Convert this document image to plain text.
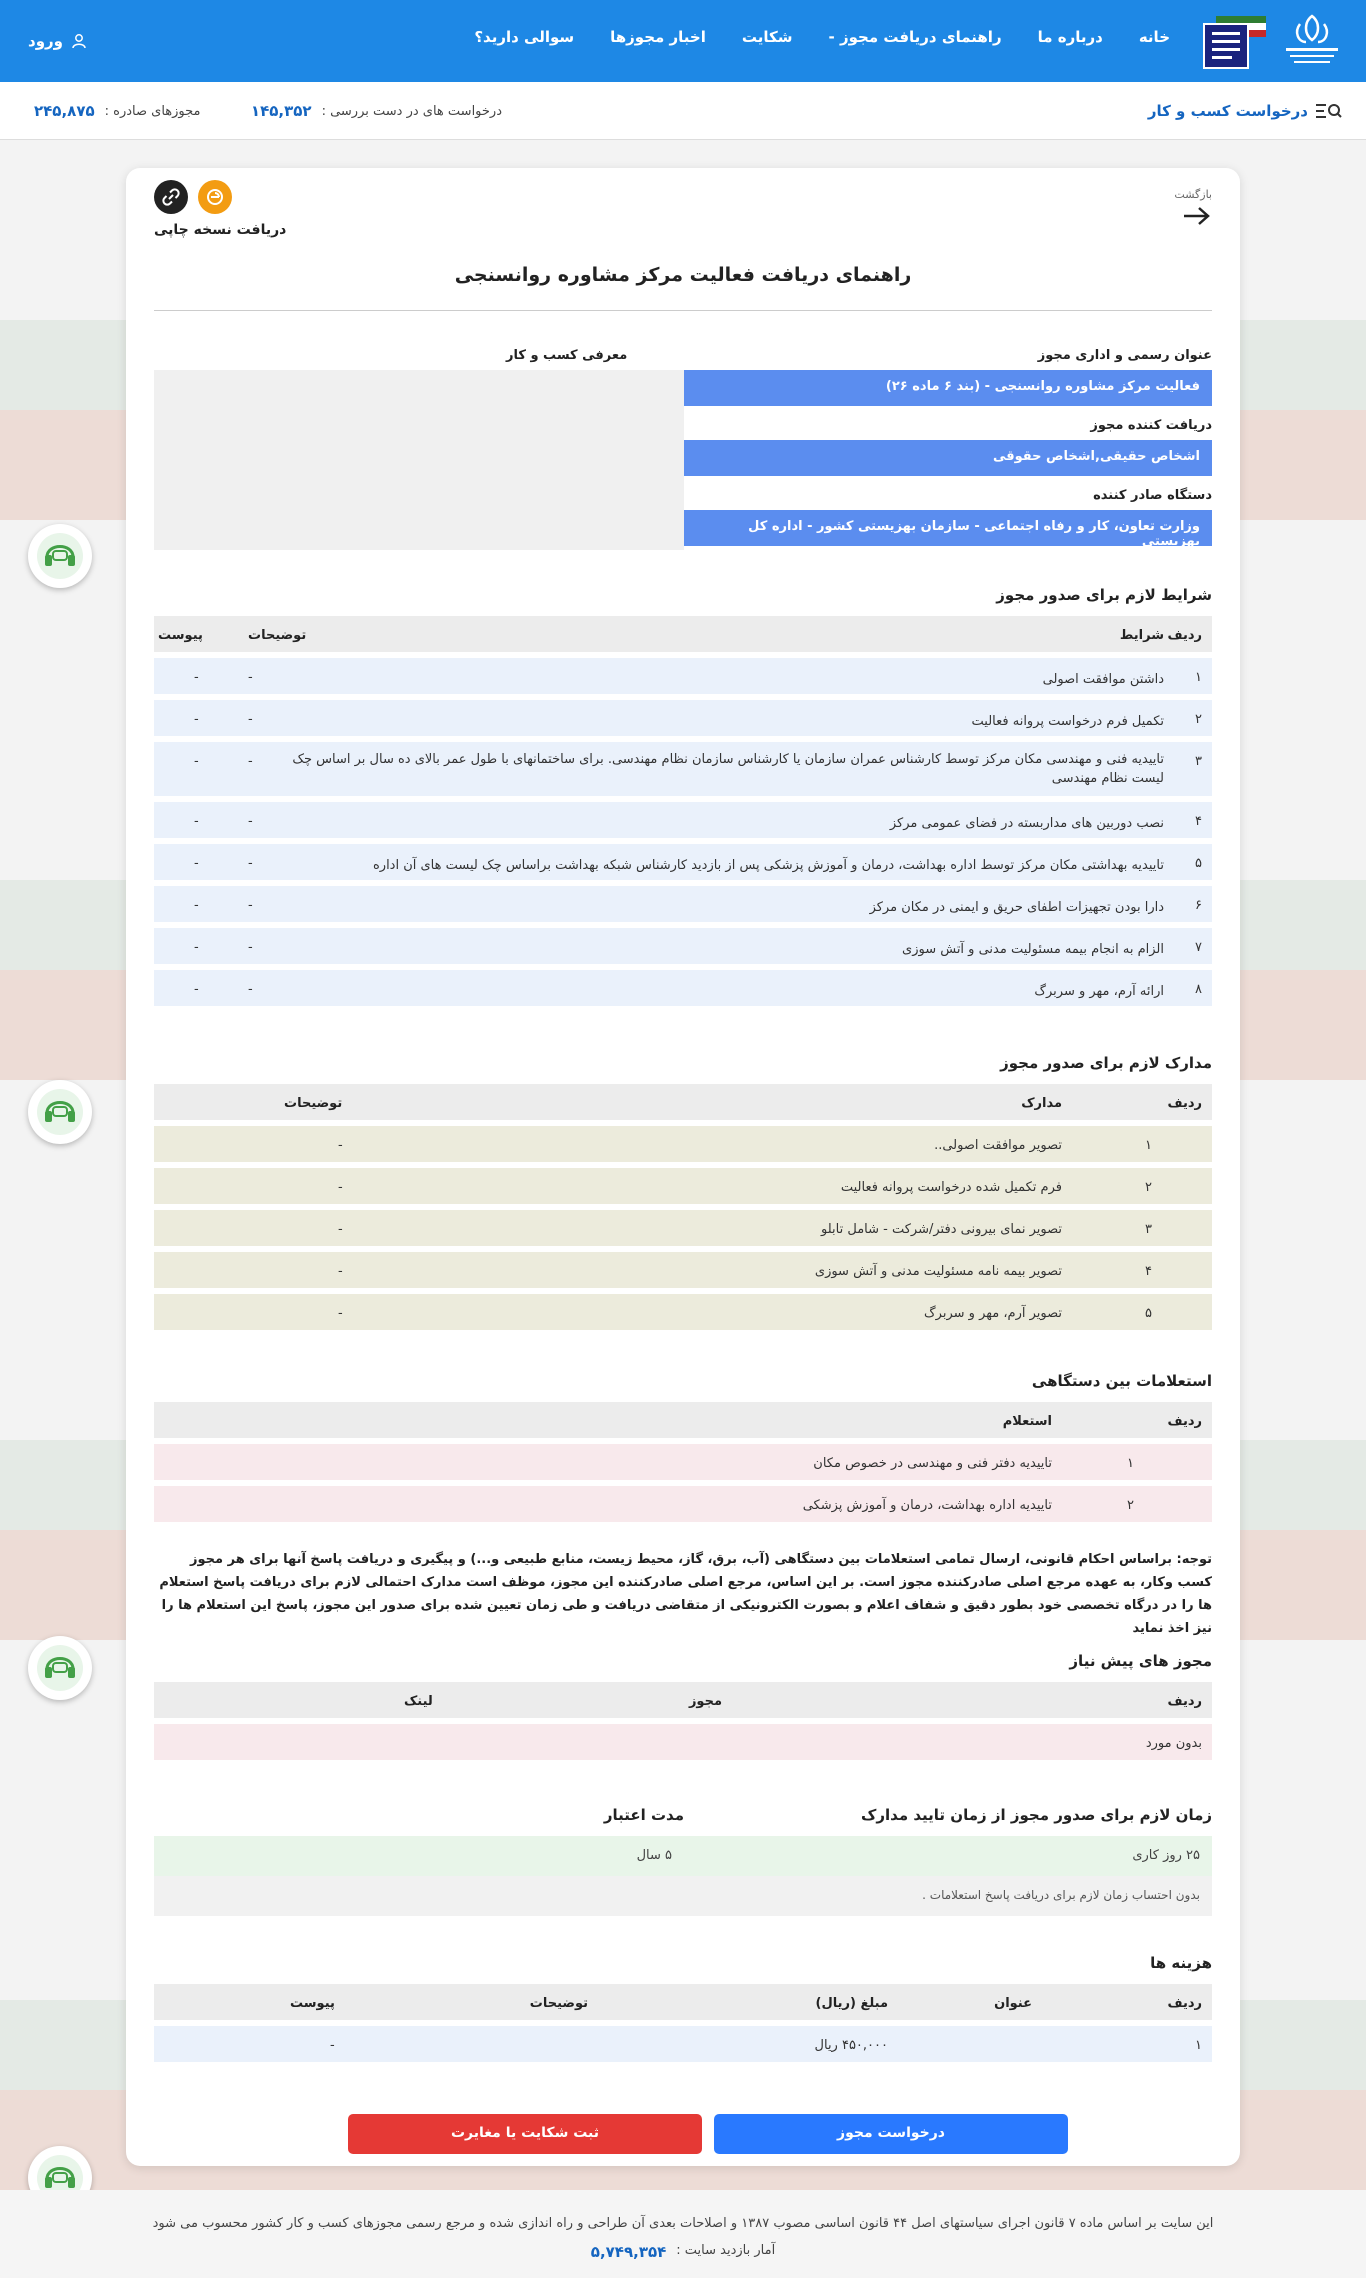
خانه
درباره ما
راهنمای دریافت مجوز -
شکایت
اخبار مجوزها
سوالی دارید؟
ورود
درخواست کسب و کار
درخواست های در دست بررسی :
۱۴۵,۳۵۲
مجوزهای صادره :
۲۴۵,۸۷۵
بازگشت
دریافت نسخه چاپی
راهنمای دریافت فعالیت مرکز مشاوره روانسنجی
عنوان رسمی و اداری مجوز
فعالیت مرکز مشاوره روانسنجی - (بند ۶ ماده ۲۶)
دریافت کننده مجوز
اشخاص حقیقی,اشخاص حقوقی
دستگاه صادر کننده
وزارت تعاون، کار و رفاه اجتماعی - سازمان بهزیستی کشور - اداره کل بهزیستی
معرفی کسب و کار
شرایط لازم برای صدور مجوز
ردیف
شرایط
توضیحات
پیوست
۱
داشتن موافقت اصولی
-
-
۲
تکمیل فرم درخواست پروانه فعالیت
-
-
۳
تاییدیه فنی و مهندسی مکان مرکز توسط کارشناس عمران سازمان یا کارشناس سازمان نظام مهندسی. برای ساختمانهای با طول عمر بالای ده سال بر اساس چک لیست نظام مهندسی
-
-
۴
نصب دوربین های مداربسته در فضای عمومی مرکز
-
-
۵
تاییدیه بهداشتی مکان مرکز توسط اداره بهداشت، درمان و آموزش پزشکی پس از بازدید کارشناس شبکه بهداشت براساس چک لیست های آن اداره
-
-
۶
دارا بودن تجهیزات اطفای حریق و ایمنی در مکان مرکز
-
-
۷
الزام به انجام بیمه مسئولیت مدنی و آتش سوزی
-
-
۸
ارائه آرم، مهر و سربرگ
-
-
مدارک لازم برای صدور مجوز
ردیف
مدارک
توضیحات
۱
تصویر موافقت اصولی..
-
۲
فرم تکمیل شده درخواست پروانه فعالیت
-
۳
تصویر نمای بیرونی دفتر/شرکت - شامل تابلو
-
۴
تصویر بیمه نامه مسئولیت مدنی و آتش سوزی
-
۵
تصویر آرم، مهر و سربرگ
-
استعلامات بین دستگاهی
ردیف
استعلام
۱
تاییدیه دفتر فنی و مهندسی در خصوص مکان
۲
تاییدیه اداره بهداشت، درمان و آموزش پزشکی
توجه: براساس احکام قانونی، ارسال تمامی استعلامات بین دستگاهی (آب، برق، گاز، محیط زیست، منابع طبیعی و...) و پیگیری و دریافت پاسخ آنها برای هر مجوز کسب وکار، به عهده مرجع اصلی صادرکننده مجوز است. بر این اساس، مرجع اصلی صادرکننده این مجوز، موظف است مدارک احتمالی لازم برای دریافت پاسخ استعلام ها را در درگاه تخصصی خود بطور دقیق و شفاف اعلام و بصورت الکترونیکی از متقاضی دریافت و طی زمان تعیین شده برای صدور این مجوز، پاسخ این استعلام ها را نیز اخذ نماید
مجوز های پیش نیاز
ردیف
مجوز
لینک
بدون مورد
زمان لازم برای صدور مجوز از زمان تایید مدارک
۲۵ روز کاری
بدون احتساب زمان لازم برای دریافت پاسخ استعلامات .
مدت اعتبار
۵ سال
هزینه ها
ردیف
عنوان
مبلغ (ریال)
توضیحات
پیوست
۱
۴۵۰,۰۰۰ ریال
-
درخواست مجوز
ثبت شکایت یا مغایرت
این سایت بر اساس ماده ۷ قانون اجرای سیاستهای اصل ۴۴ قانون اساسی مصوب ۱۳۸۷ و اصلاحات بعدی آن طراحی و راه اندازی شده و مرجع رسمی مجوزهای کسب و کار کشور محسوب می شود
آمار بازدید سایت :
۵,۷۴۹,۳۵۴
